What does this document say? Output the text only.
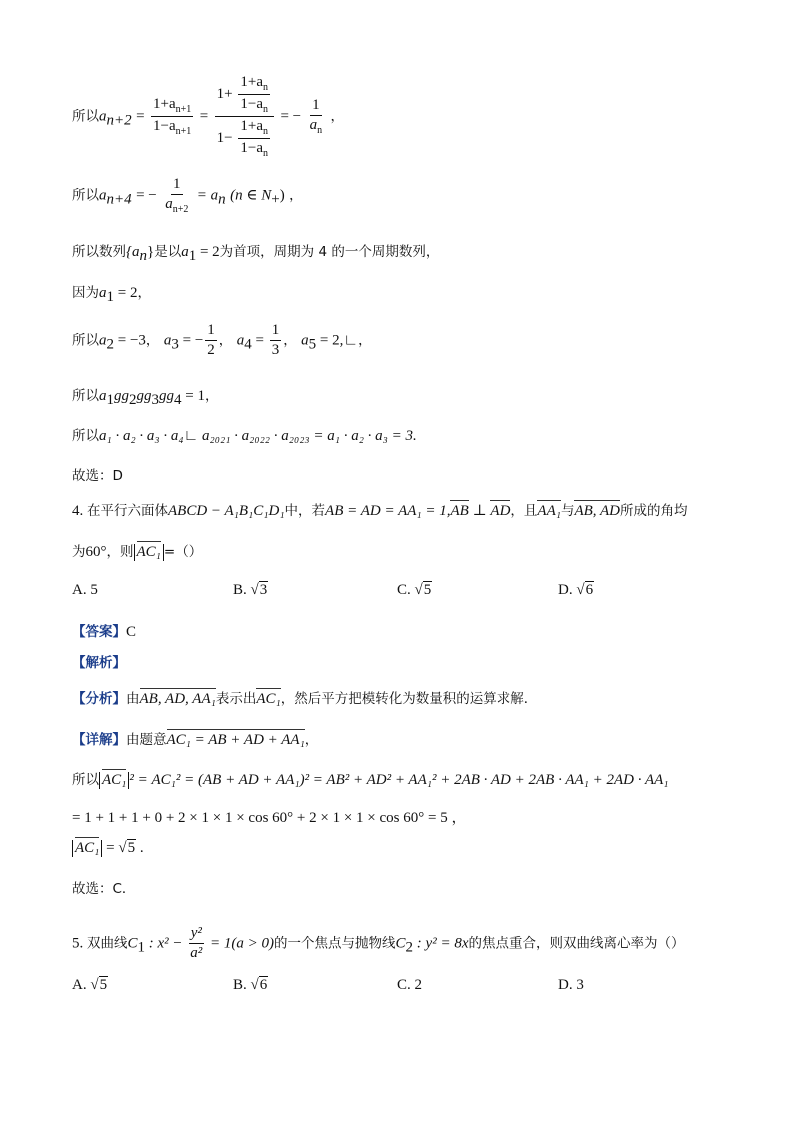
所以$a_{n+2} = \frac{1+a_{n+1}}{1-a_{n+1}} = \frac{1+ \frac{1+a_n}{1-a_n}}{1- \frac{1+a_n}{1-a_n}}$ = − $\frac{1}{a_n}$ ，
所以$a_{n+4}$ = − $\frac{1}{a_{n+2}} = a_n$ (n ∈ $N_+$) ，
所以数列$\{a_n\}$是以$a_1 = 2$为首项，周期为 4 的一个周期数列，
因为$a_1 = 2$，
所以$a_2 = -3$， $a_3$ = − $\frac{1}{2}$ ， $a_4 = \frac{1}{3}$ ， $a_5$ = 2,∟，
所以$a_1gg_2gg_3gg_4 = 1$，
所以a₁ · a₂ · a₃ · a₄∟ a₂₀₂₁ · a₂₀₂₂ · a₂₀₂₃ = a₁ · a₂ · a₃ = 3.
故选：D
4. 在平行六面体ABCD − A₁B₁C₁D₁中，若AB = AD = AA₁ = 1,AB ⊥ AD，且AA₁与AB, AD所成的角均
为60°，则 AC₁ =（）
A. 5	B. √3	C. √5	D. √6
【答案】C
【解析】
【分析】由AB, AD, AA₁表示出AC₁，然后平方把模转化为数量积的运算求解．
【详解】由题意AC₁ = AB + AD + AA₁，
所以 AC₁ ² = AC₁² = (AB + AD + AA₁)² = AB² + AD² + AA₁² + 2AB · AD + 2AB · AA₁ + 2AD · AA₁
= 1 + 1 + 1 + 0 + 2 × 1 × 1 × cos 60° + 2 × 1 × 1 × cos 60° = 5 ，
AC₁ = √5 .
故选：C．
5. 双曲线$C_1$ : $x^2 - \frac{\text{y²}}{\text{a²}} = 1(a > 0)$的一个焦点与抛物线$C_2$ : y² = 8x的焦点重合，则双曲线离心率为（）
A. √5	B. √6	C. 2	D. 3
